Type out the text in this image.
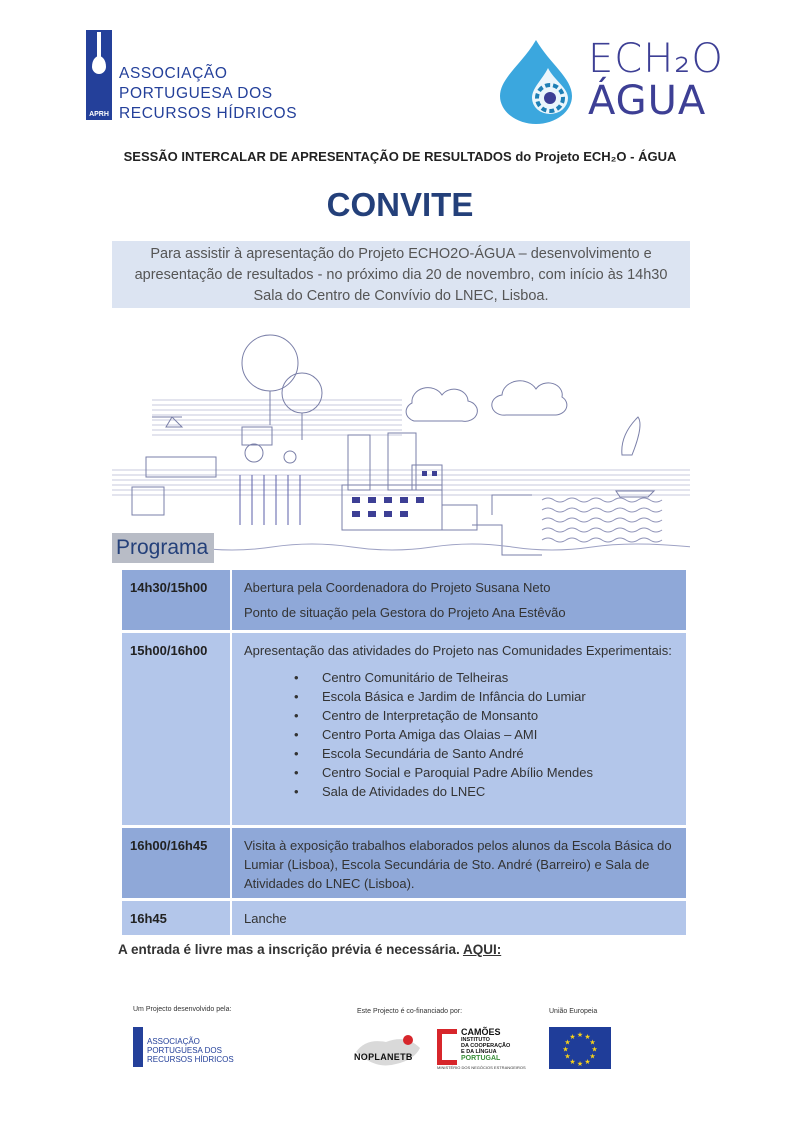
APRH
ASSOCIAÇÃO
PORTUGUESA DOS
RECURSOS HÍDRICOS
ECH₂O
ÁGUA
SESSÃO INTERCALAR DE APRESENTAÇÃO DE RESULTADOS do Projeto ECH₂O - ÁGUA
CONVITE
Para assistir à apresentação do Projeto ECHO2O-ÁGUA – desenvolvimento e
apresentação de resultados - no próximo dia 20 de novembro, com início às 14h30
Sala do Centro de Convívio do LNEC, Lisboa.
Programa
14h30/15h00	Abertura pela Coordenadora do Projeto Susana Neto

Ponto de situação pela Gestora do Projeto Ana Estêvão

15h00/16h00	Apresentação das atividades do Projeto nas Comunidades Experimentais:

• Centro Comunitário de Telheiras
• Escola Básica e Jardim de Infância do Lumiar
• Centro de Interpretação de Monsanto
• Centro Porta Amiga das Olaias – AMI
• Escola Secundária de Santo André
• Centro Social e Paroquial Padre Abílio Mendes
• Sala de Atividades do LNEC
16h00/16h45	Visita à exposição trabalhos elaborados pelos alunos da Escola Básica do Lumiar (Lisboa), Escola Secundária de Sto. André (Barreiro) e Sala de Atividades do LNEC (Lisboa).

16h45	Lanche

A entrada é livre mas a inscrição prévia é necessária. AQUI:
Um Projecto desenvolvido pela:
ASSOCIAÇÃO
PORTUGUESA DOS
RECURSOS HÍDRICOS
Este Projecto é co-financiado por:
NOPLANETB
CAMÕES
INSTITUTO
DA COOPERAÇÃO
E DA LÍNGUA
PORTUGAL
MINISTÉRIO DOS NEGÓCIOS ESTRANGEIROS
União Europeia
★ ★
★
★
★
★
★
★
★
★
★
★
